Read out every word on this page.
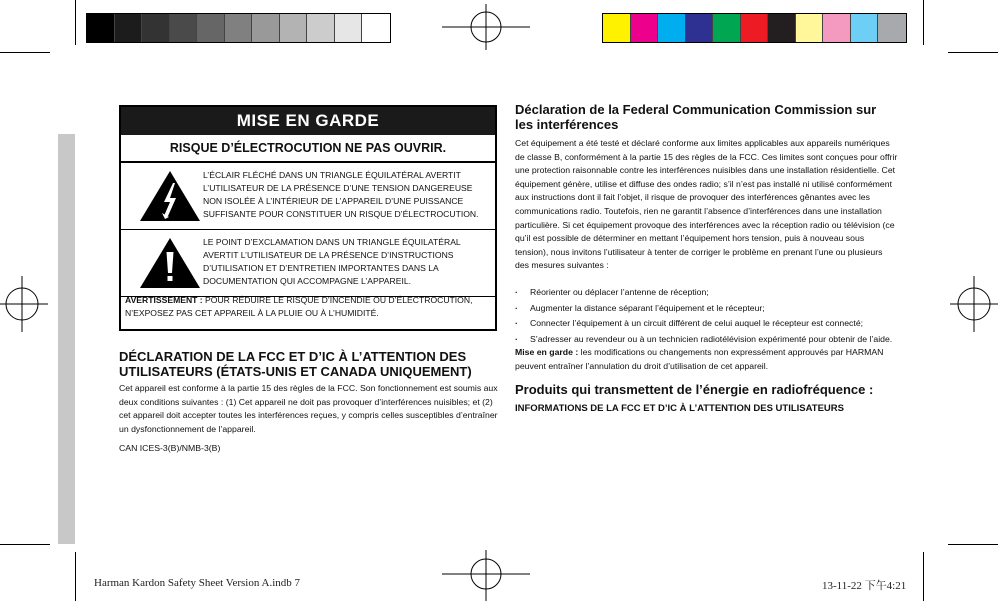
MISE EN GARDE
RISQUE D’ÉLECTROCUTION NE PAS OUVRIR.
L’ÉCLAIR FLÉCHÉ DANS UN TRIANGLE ÉQUILATÉRAL AVERTIT L’UTILISATEUR DE LA PRÉSENCE D’UNE TENSION DANGEREUSE NON ISOLÉE À L’INTÉRIEUR DE L’APPAREIL D’UNE PUISSANCE SUFFISANTE POUR CONSTITUER UN RISQUE D’ÉLECTROCUTION.
LE POINT D’EXCLAMATION DANS UN TRIANGLE ÉQUILATÉRAL AVERTIT L’UTILISATEUR DE LA PRÉSENCE D’INSTRUCTIONS D’UTILISATION ET D’ENTRETIEN IMPORTANTES DANS LA DOCUMENTATION QUI ACCOMPAGNE L’APPAREIL.
AVERTISSEMENT : POUR RÉDUIRE LE RISQUE D’INCENDIE OU D’ÉLECTROCUTION, N’EXPOSEZ PAS CET APPAREIL À LA PLUIE OU À L’HUMIDITÉ.
DÉCLARATION DE LA FCC ET D’IC À L’ATTENTION DES UTILISATEURS (ÉTATS-UNIS ET CANADA UNIQUEMENT)
Cet appareil est conforme à la partie 15 des règles de la FCC. Son fonctionnement est soumis aux deux conditions suivantes : (1) Cet appareil ne doit pas provoquer d’interférences nuisibles; et (2) cet appareil doit accepter toutes les interférences reçues, y compris celles susceptibles d’entraîner un dysfonctionnement de l’appareil.
CAN ICES-3(B)/NMB-3(B)
Déclaration de la Federal Communication Commission sur les interférences
Cet équipement a été testé et déclaré conforme aux limites applicables aux appareils numériques de classe B, conformément à la partie 15 des règles de la FCC. Ces limites sont conçues pour offrir une protection raisonnable contre les interférences nuisibles dans une installation résidentielle. Cet équipement génère, utilise et diffuse des ondes radio; s’il n’est pas installé ni utilisé conformément aux instructions dont il fait l’objet, il risque de provoquer des interférences gênantes avec les communications radio. Toutefois, rien ne garantit l’absence d’interférences dans une installation particulière. Si cet équipement provoque des interférences avec la réception radio ou télévision (ce qu’il est possible de déterminer en mettant l’équipement hors tension, puis à nouveau sous tension), nous invitons l’utilisateur à tenter de corriger le problème en prenant l’une ou plusieurs des mesures suivantes :
· Réorienter ou déplacer l’antenne de réception;
· Augmenter la distance séparant l’équipement et le récepteur;
· Connecter l’équipement à un circuit différent de celui auquel le récepteur est connecté;
· S’adresser au revendeur ou à un technicien radiotélévision expérimenté pour obtenir de l’aide.
Mise en garde : les modifications ou changements non expressément approuvés par HARMAN peuvent entraîner l’annulation du droit d’utilisation de cet appareil.
Produits qui transmettent de l’énergie en radiofréquence :
INFORMATIONS DE LA FCC ET D’IC À L’ATTENTION DES UTILISATEURS
Harman Kardon Safety Sheet Version A.indb 7	13-11-22 下午4:21
